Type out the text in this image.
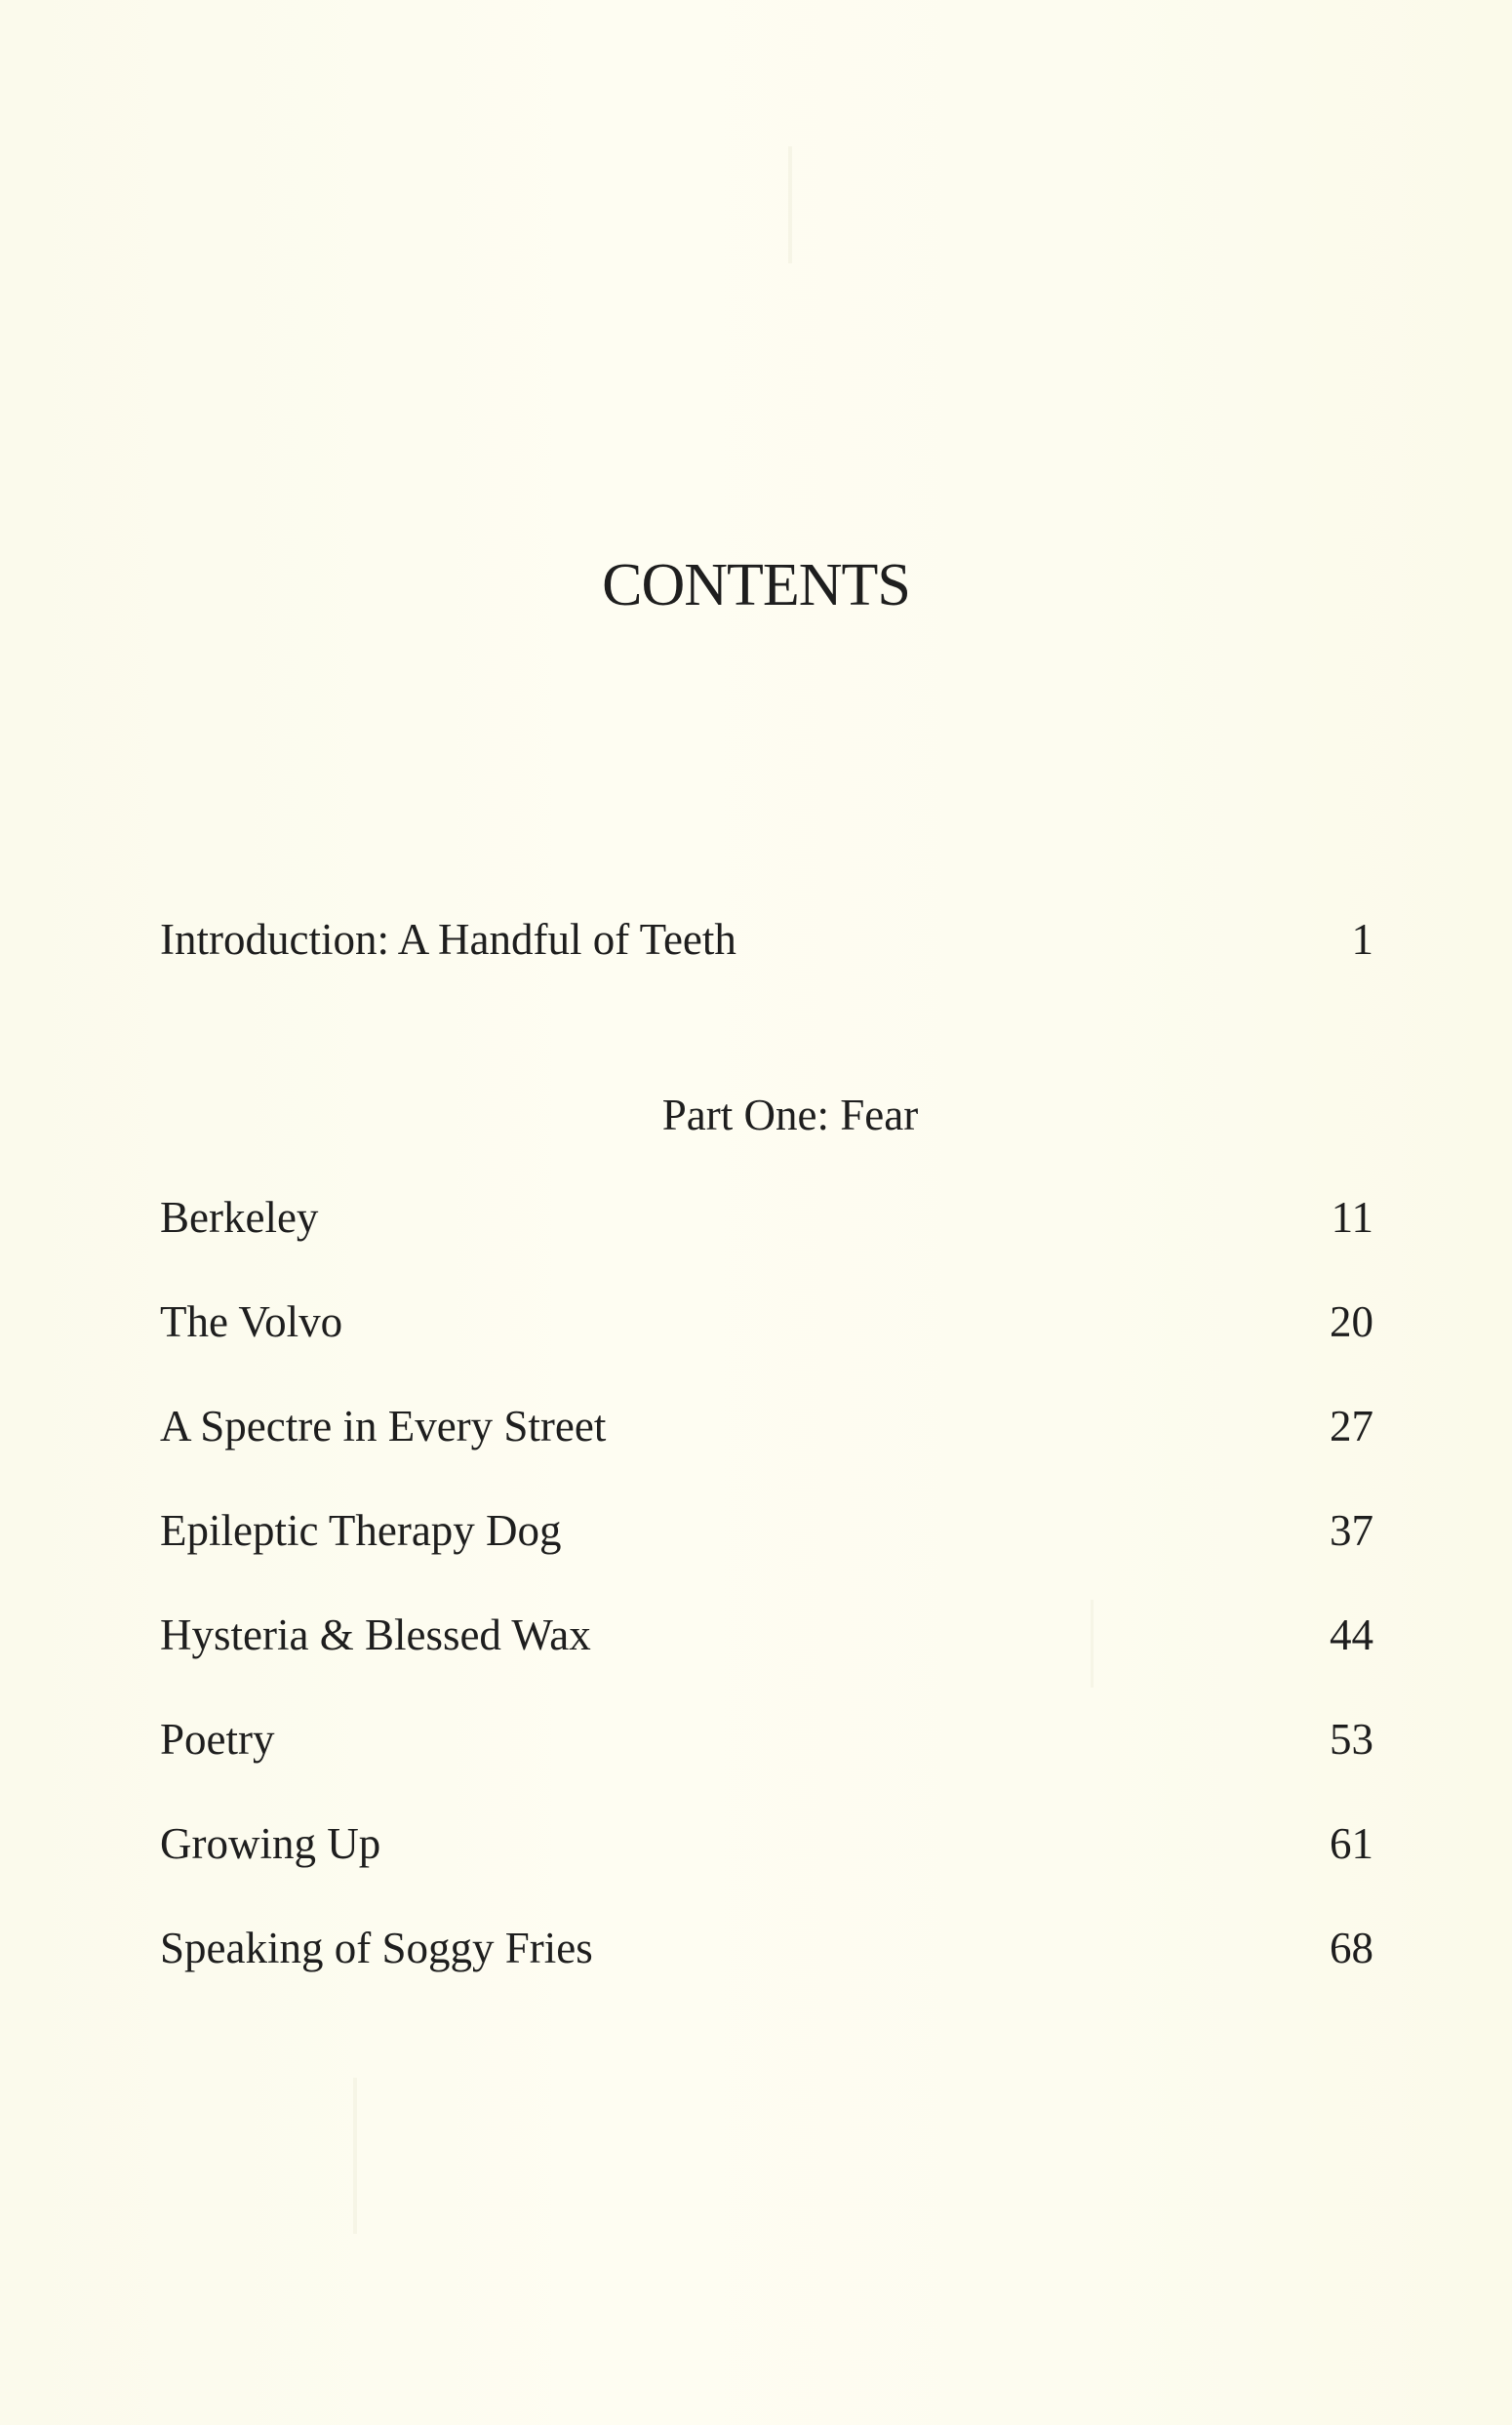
CONTENTS
Introduction: A Handful of Teeth	1
Part One: Fear
Berkeley	11
The Volvo	20
A Spectre in Every Street	27
Epileptic Therapy Dog	37
Hysteria & Blessed Wax	44
Poetry	53
Growing Up	61
Speaking of Soggy Fries	68
